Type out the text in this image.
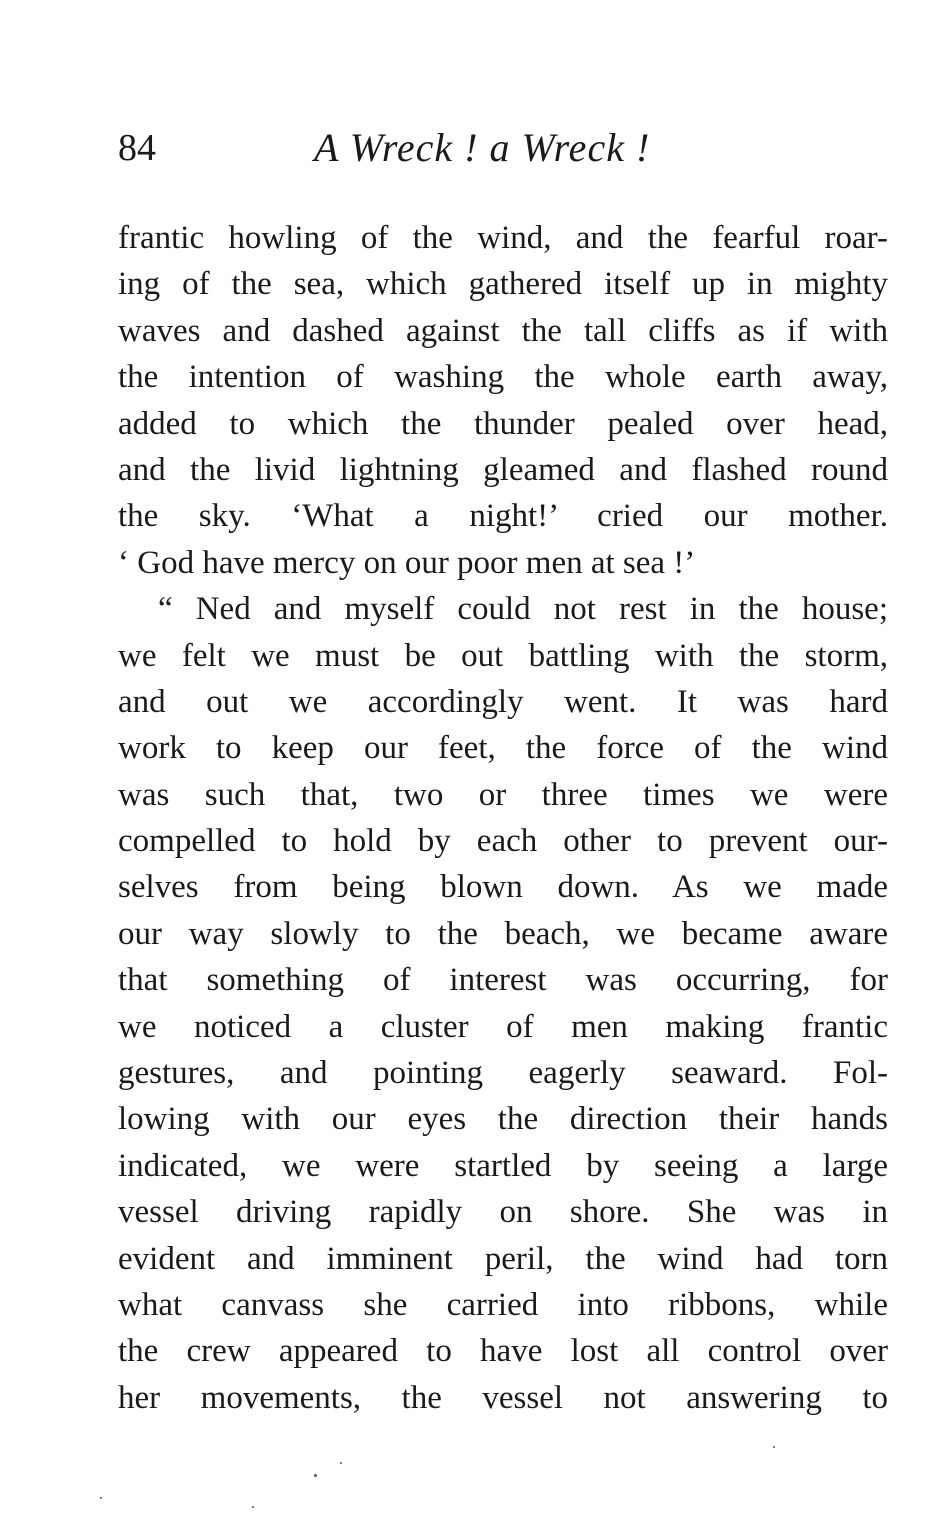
84	A Wreck ! a Wreck !
frantic howling of the wind, and the fearful roar-
ing of the sea, which gathered itself up in mighty
waves and dashed against the tall cliffs as if with
the intention of washing the whole earth away,
added to which the thunder pealed over head,
and the livid lightning gleamed and flashed round
the sky. ‘What a night!’ cried our mother.
‘ God have mercy on our poor men at sea !’
“ Ned and myself could not rest in the house;
we felt we must be out battling with the storm,
and out we accordingly went. It was hard
work to keep our feet, the force of the wind
was such that, two or three times we were
compelled to hold by each other to prevent our-
selves from being blown down. As we made
our way slowly to the beach, we became aware
that something of interest was occurring, for
we noticed a cluster of men making frantic
gestures, and pointing eagerly seaward. Fol-
lowing with our eyes the direction their hands
indicated, we were startled by seeing a large
vessel driving rapidly on shore. She was in
evident and imminent peril, the wind had torn
what canvass she carried into ribbons, while
the crew appeared to have lost all control over
her movements, the vessel not answering to
